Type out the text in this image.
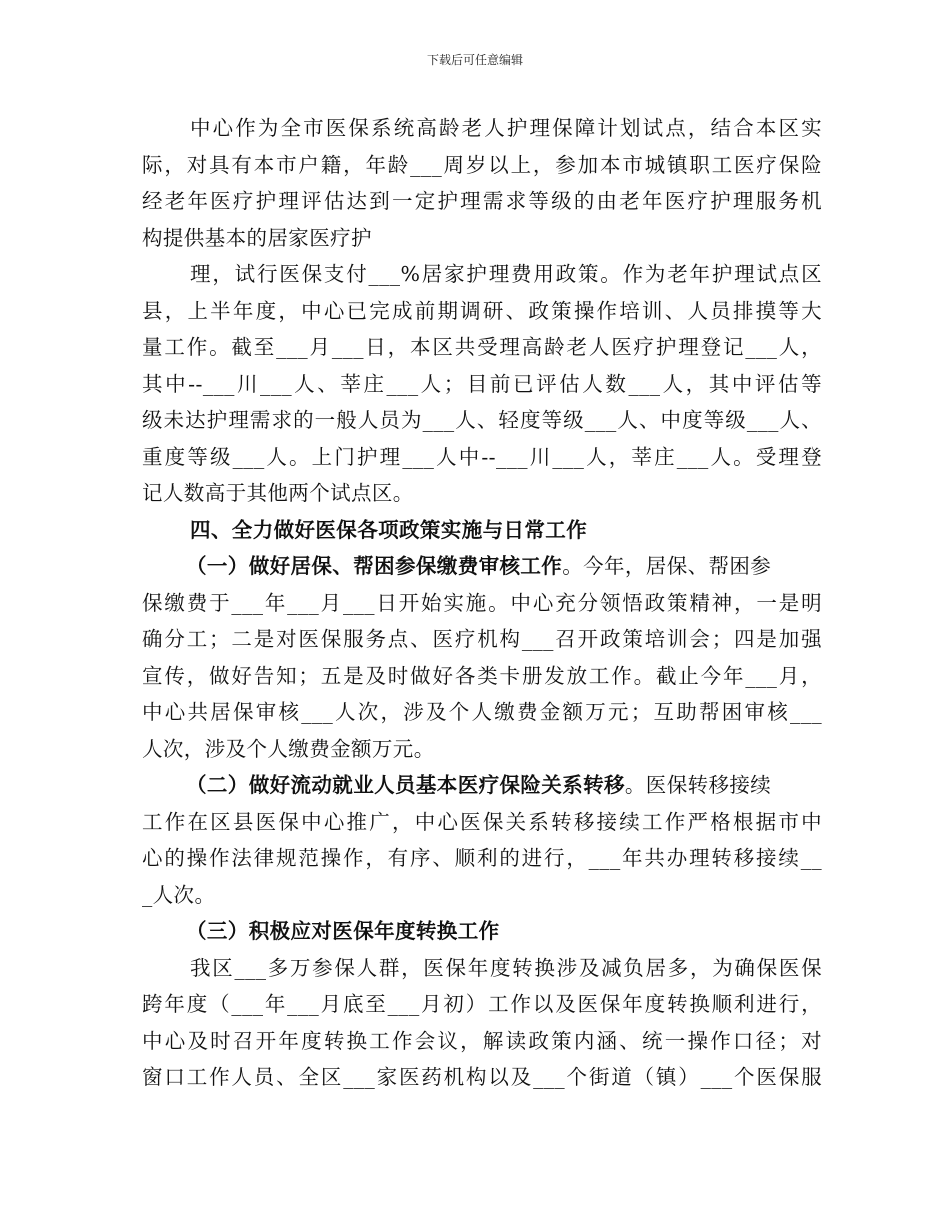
下载后可任意编辑
中心作为全市医保系统高龄老人护理保障计划试点，结合本区实
际，对具有本市户籍，年龄___周岁以上，参加本市城镇职工医疗保险
经老年医疗护理评估达到一定护理需求等级的由老年医疗护理服务机
构提供基本的居家医疗护
理，试行医保支付___%居家护理费用政策。作为老年护理试点区
县，上半年度，中心已完成前期调研、政策操作培训、人员排摸等大
量工作。截至___月___日，本区共受理高龄老人医疗护理登记___人，
其中--___川___人、莘庄___人；目前已评估人数___人，其中评估等
级未达护理需求的一般人员为___人、轻度等级___人、中度等级___人、
重度等级___人。上门护理___人中--___川___人，莘庄___人。受理登
记人数高于其他两个试点区。
四、全力做好医保各项政策实施与日常工作
（一）做好居保、帮困参保缴费审核工作。今年，居保、帮困参
保缴费于___年___月___日开始实施。中心充分领悟政策精神，一是明
确分工；二是对医保服务点、医疗机构___召开政策培训会；四是加强
宣传，做好告知；五是及时做好各类卡册发放工作。截止今年___月，
中心共居保审核___人次，涉及个人缴费金额万元；互助帮困审核___
人次，涉及个人缴费金额万元。
（二）做好流动就业人员基本医疗保险关系转移。医保转移接续
工作在区县医保中心推广，中心医保关系转移接续工作严格根据市中
心的操作法律规范操作，有序、顺利的进行，___年共办理转移接续__
_人次。
（三）积极应对医保年度转换工作
我区___多万参保人群，医保年度转换涉及减负居多，为确保医保
跨年度（___年___月底至___月初）工作以及医保年度转换顺利进行，
中心及时召开年度转换工作会议，解读政策内涵、统一操作口径；对
窗口工作人员、全区___家医药机构以及___个街道（镇）___个医保服
